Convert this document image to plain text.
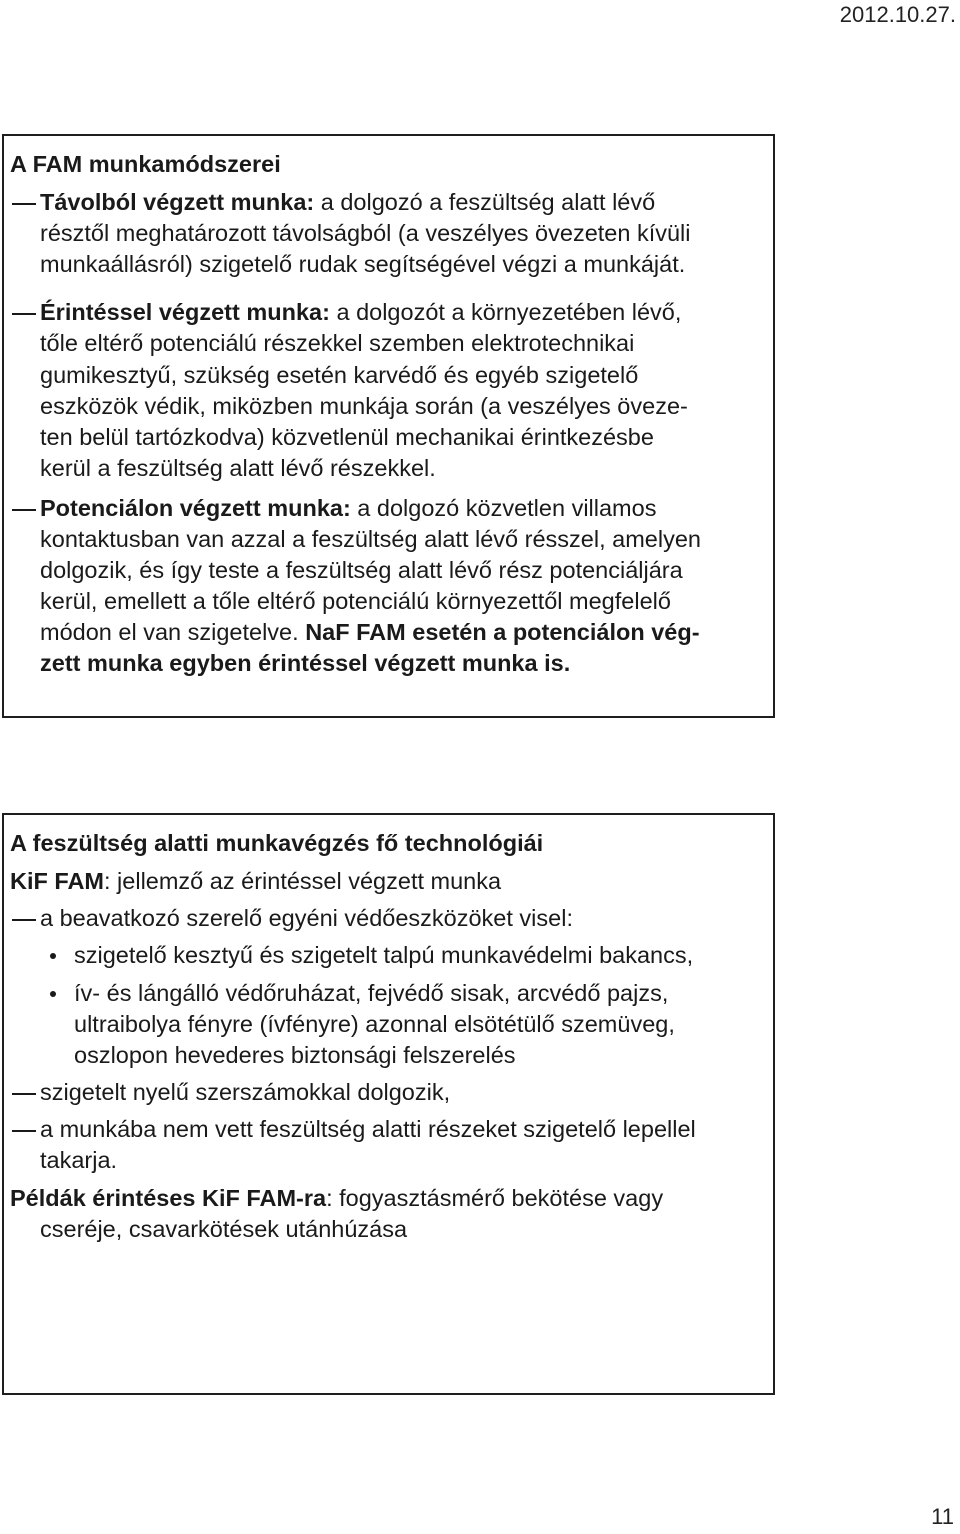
2012.10.27.
A FAM munkamódszerei
Távolból végzett munka: a dolgozó a feszültség alatt lévő
résztől meghatározott távolságból (a veszélyes övezeten kívüli
munkaállásról) szigetelő rudak segítségével végzi a munkáját.
Érintéssel végzett munka: a dolgozót a környezetében lévő,
tőle eltérő potenciálú részekkel szemben elektrotechnikai
gumikesztyű, szükség esetén karvédő és egyéb szigetelő
eszközök védik, miközben munkája során (a veszélyes öveze-
ten belül tartózkodva) közvetlenül mechanikai érintkezésbe
kerül a feszültség alatt lévő részekkel.
Potenciálon végzett munka: a dolgozó közvetlen villamos
kontaktusban van azzal a feszültség alatt lévő résszel, amelyen
dolgozik, és így teste a feszültség alatt lévő rész potenciáljára
kerül, emellett a tőle eltérő potenciálú környezettől megfelelő
módon el van szigetelve. NaF FAM esetén a potenciálon vég-
zett munka egyben érintéssel végzett munka is.
A feszültség alatti munkavégzés fő technológiái
KiF FAM: jellemző az érintéssel végzett munka
a beavatkozó szerelő egyéni védőeszközöket visel:
szigetelő kesztyű és szigetelt talpú munkavédelmi bakancs,
ív- és lángálló védőruházat, fejvédő sisak, arcvédő pajzs,
ultraibolya fényre (ívfényre) azonnal elsötétülő szemüveg,
oszlopon hevederes biztonsági felszerelés
szigetelt nyelű szerszámokkal dolgozik,
a munkába nem vett feszültség alatti részeket szigetelő lepellel
takarja.
Példák érintéses KiF FAM-ra: fogyasztásmérő bekötése vagy
cseréje, csavarkötések utánhúzása
11
